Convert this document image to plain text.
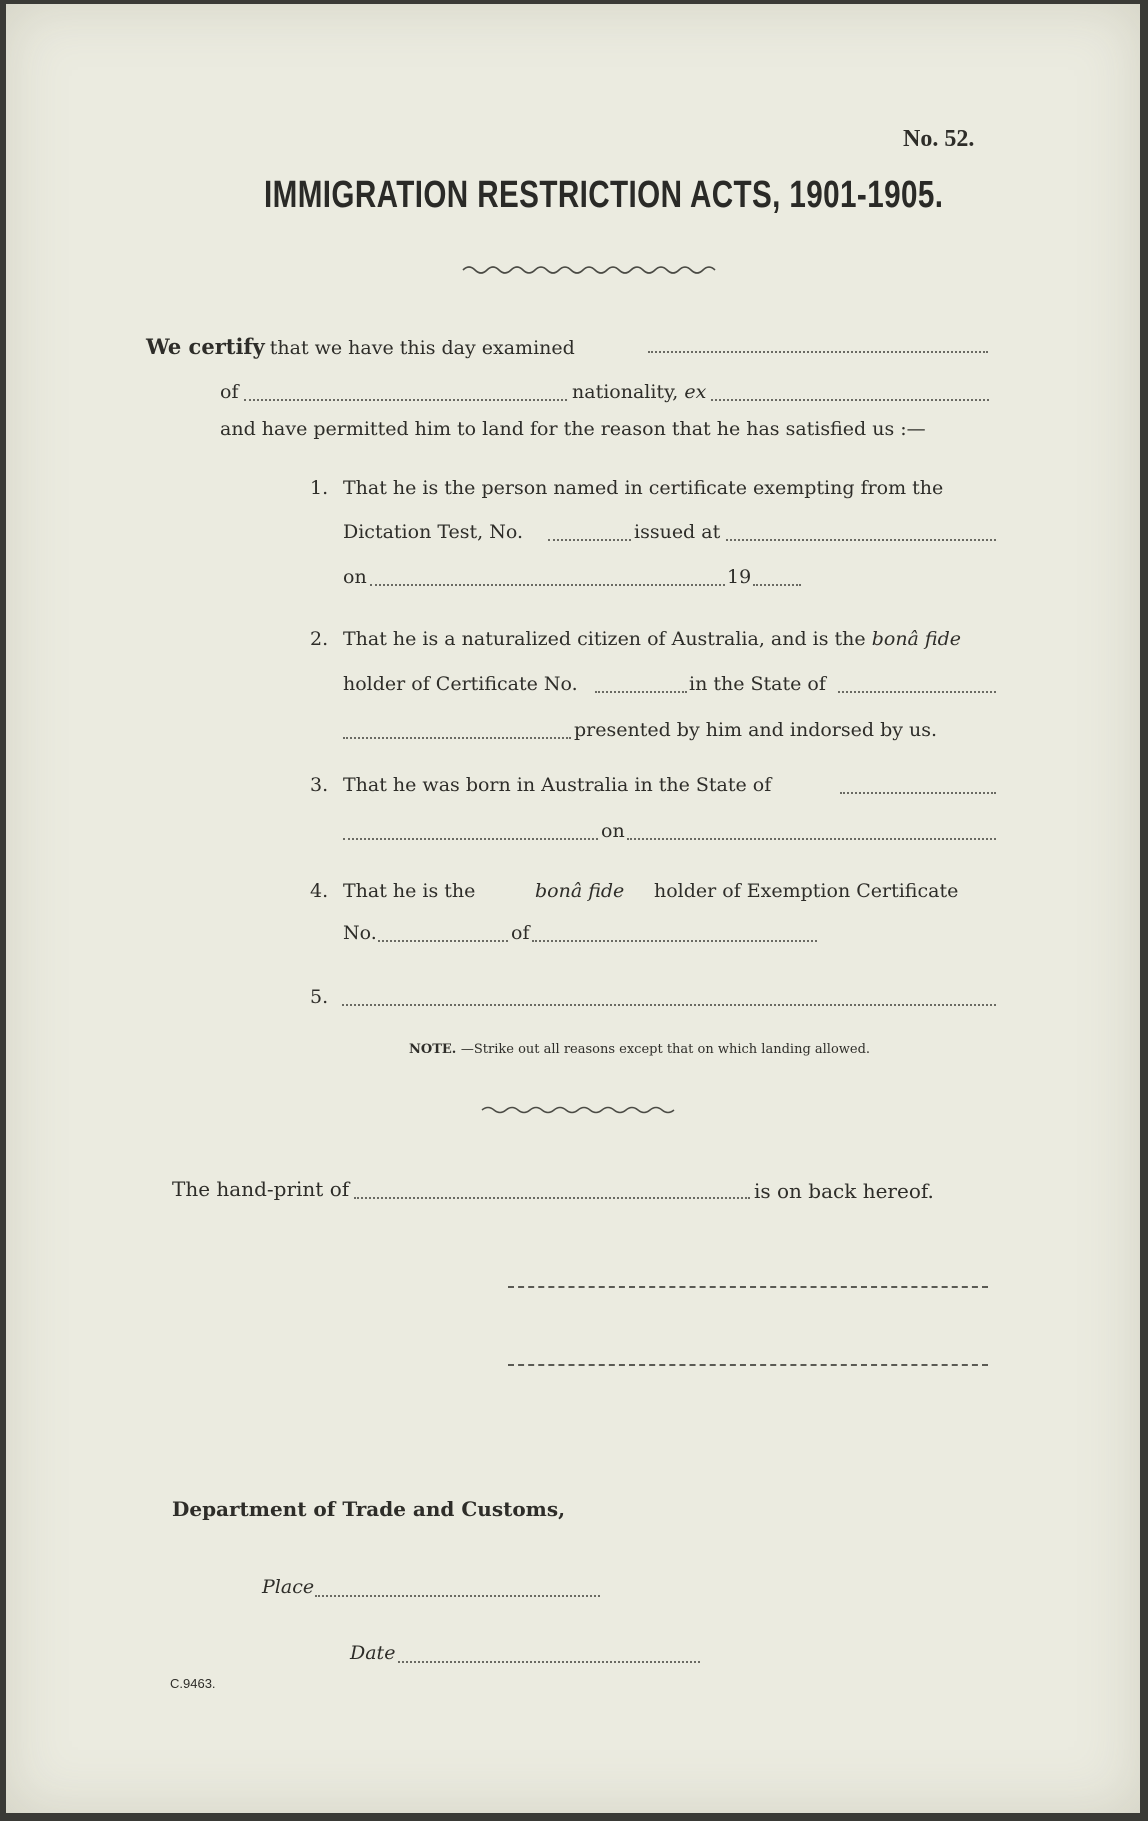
No. 52.
IMMIGRATION RESTRICTION ACTS, 1901-1905.
We certify that we have this day examined
of	nationality, ex
and have permitted him to land for the reason that he has satisfied us :—
1. That he is the person named in certificate exempting from the
Dictation Test, No.	issued at
on	19
2. That he is a naturalized citizen of Australia, and is the bonâ fide
holder of Certificate No.	in the State of
presented by him and indorsed by us.
3. That he was born in Australia in the State of
on
4. That he is the	bonâ fide holder of Exemption Certificate
No.	of
5.
NOTE. —Strike out all reasons except that on which landing allowed.
The hand-print of	is on back hereof.
Department of Trade and Customs,
Place
Date
C.9463.
